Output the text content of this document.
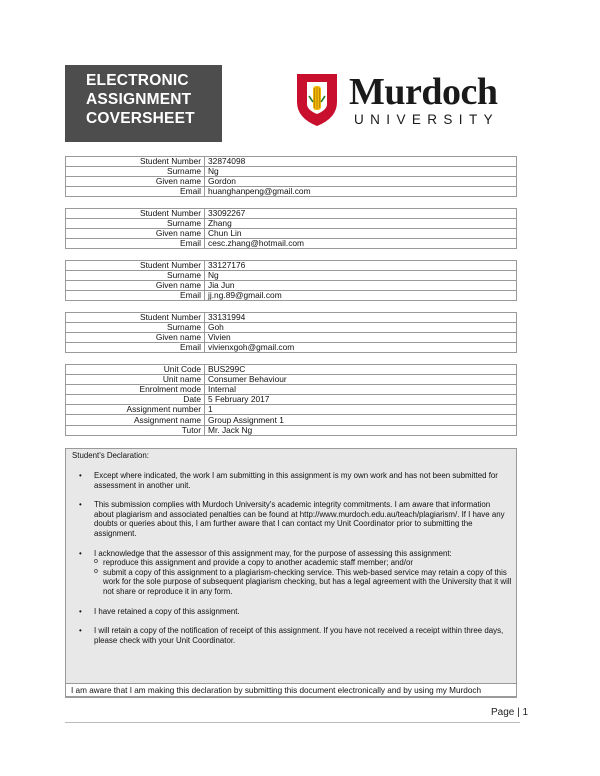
ELECTRONIC
ASSIGNMENT
COVERSHEET
Murdoch
UNIVERSITY
Student Number	32874098
Surname	Ng
Given name	Gordon
Email	huanghanpeng@gmail.com
Student Number	33092267
Surname	Zhang
Given name	Chun Lin
Email	cesc.zhang@hotmail.com
Student Number	33127176
Surname	Ng
Given name	Jia Jun
Email	jj.ng.89@gmail.com
Student Number	33131994
Surname	Goh
Given name	Vivien
Email	vivienxgoh@gmail.com
Unit Code	BUS299C
Unit name	Consumer Behaviour
Enrolment mode	Internal
Date	5 February 2017
Assignment number	1
Assignment name	Group Assignment 1
Tutor	Mr. Jack Ng
Student's Declaration:
• Except where indicated, the work I am submitting in this assignment is my own work and has not been submitted for assessment in another unit.
• This submission complies with Murdoch University's academic integrity commitments. I am aware that information about plagiarism and associated penalties can be found at http://www.murdoch.edu.au/teach/plagiarism/. If I have any doubts or queries about this, I am further aware that I can contact my Unit Coordinator prior to submitting the assignment.
• I acknowledge that the assessor of this assignment may, for the purpose of assessing this assignment:
o reproduce this assignment and provide a copy to another academic staff member; and/or
o submit a copy of this assignment to a plagiarism-checking service. This web-based service may retain a copy of this work for the sole purpose of subsequent plagiarism checking, but has a legal agreement with the University that it will not share or reproduce it in any form.
• I have retained a copy of this assignment.
• I will retain a copy of the notification of receipt of this assignment. If you have not received a receipt within three days, please check with your Unit Coordinator.
I am aware that I am making this declaration by submitting this document electronically and by using my Murdoch
Page | 1
